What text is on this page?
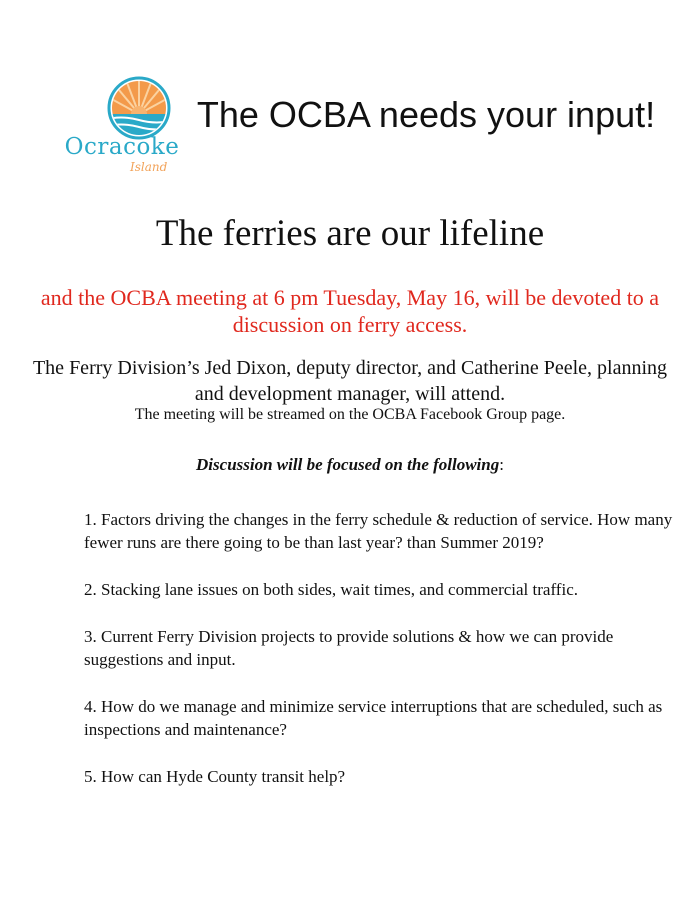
Ocracoke
Island
The OCBA needs your input!
The ferries are our lifeline

and the OCBA meeting at 6 pm Tuesday, May 16, will be devoted to a discussion on ferry access.

The Ferry Division’s Jed Dixon, deputy director, and Catherine Peele, planning and development manager, will attend.

The meeting will be streamed on the OCBA Facebook Group page.

Discussion will be focused on the following:

1. Factors driving the changes in the ferry schedule & reduction of service. How many fewer runs are there going to be than last year? than Summer 2019?
2. Stacking lane issues on both sides, wait times, and commercial traffic.
3. Current Ferry Division projects to provide solutions & how we can provide suggestions and input.
4. How do we manage and minimize service interruptions that are scheduled, such as inspections and maintenance?
5. How can Hyde County transit help?
